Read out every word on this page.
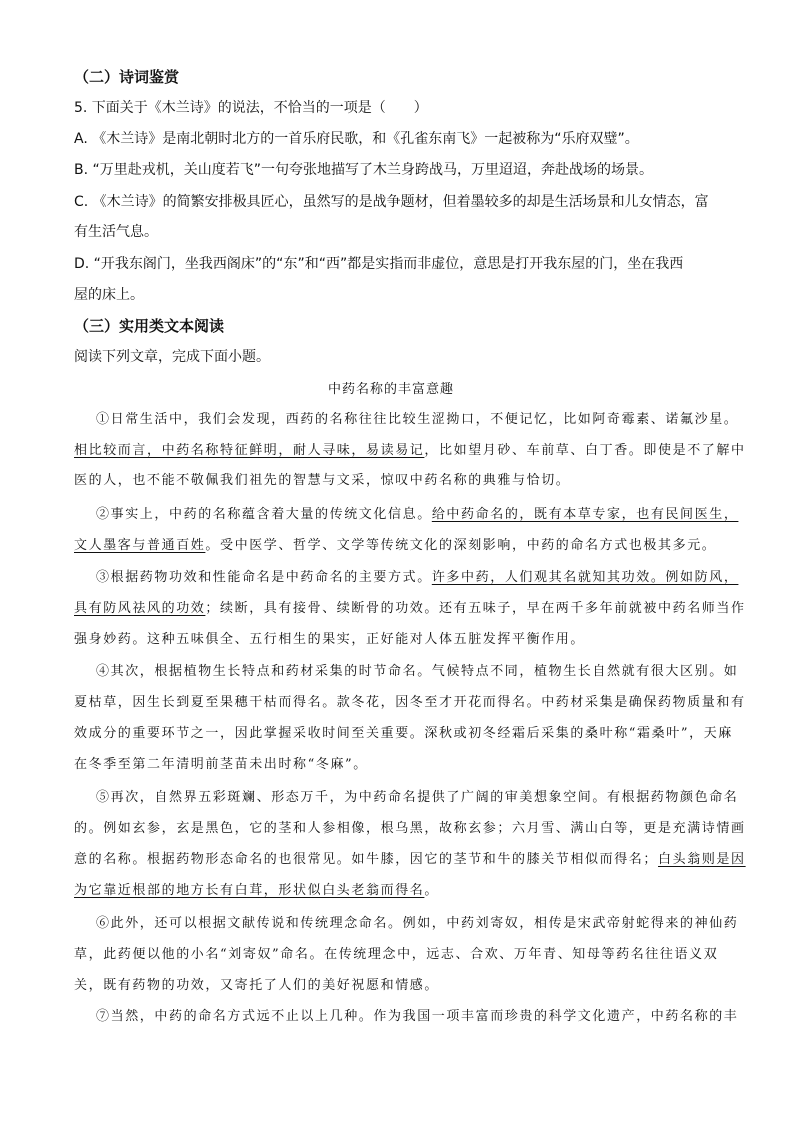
（二）诗词鉴赏
5. 下面关于《木兰诗》的说法，不恰当的一项是（　　）
A. 《木兰诗》是南北朝时北方的一首乐府民歌，和《孔雀东南飞》一起被称为“乐府双璧”。
B. “万里赴戎机，关山度若飞”一句夸张地描写了木兰身跨战马，万里迢迢，奔赴战场的场景。
C. 《木兰诗》的简繁安排极具匠心，虽然写的是战争题材，但着墨较多的却是生活场景和儿女情态，富
有生活气息。
D. “开我东阁门，坐我西阁床”的“东”和“西”都是实指而非虚位，意思是打开我东屋的门，坐在我西
屋的床上。
（三）实用类文本阅读
阅读下列文章，完成下面小题。
中药名称的丰富意趣
①日常生活中，我们会发现，西药的名称往往比较生涩拗口，不便记忆，比如阿奇霉素、诺氟沙星。
相比较而言，中药名称特征鲜明，耐人寻味，易读易记，比如望月砂、车前草、白丁香。即使是不了解中
医的人，也不能不敬佩我们祖先的智慧与文采，惊叹中药名称的典雅与恰切。
②事实上，中药的名称蕴含着大量的传统文化信息。给中药命名的，既有本草专家，也有民间医生，
文人墨客与普通百姓。受中医学、哲学、文学等传统文化的深刻影响，中药的命名方式也极其多元。
③根据药物功效和性能命名是中药命名的主要方式。许多中药，人们观其名就知其功效。例如防风，
具有防风祛风的功效；续断，具有接骨、续断骨的功效。还有五味子，早在两千多年前就被中药名师当作
强身妙药。这种五味俱全、五行相生的果实，正好能对人体五脏发挥平衡作用。
④其次，根据植物生长特点和药材采集的时节命名。气候特点不同，植物生长自然就有很大区别。如
夏枯草，因生长到夏至果穗干枯而得名。款冬花，因冬至才开花而得名。中药材采集是确保药物质量和有
效成分的重要环节之一，因此掌握采收时间至关重要。深秋或初冬经霜后采集的桑叶称“霜桑叶”，天麻
在冬季至第二年清明前茎苗未出时称“冬麻”。
⑤再次，自然界五彩斑斓、形态万千，为中药命名提供了广阔的审美想象空间。有根据药物颜色命名
的。例如玄参，玄是黑色，它的茎和人参相像，根乌黑，故称玄参；六月雪、满山白等，更是充满诗情画
意的名称。根据药物形态命名的也很常见。如牛膝，因它的茎节和牛的膝关节相似而得名；白头翁则是因
为它靠近根部的地方长有白茸，形状似白头老翁而得名。
⑥此外，还可以根据文献传说和传统理念命名。例如，中药刘寄奴，相传是宋武帝射蛇得来的神仙药
草，此药便以他的小名“刘寄奴”命名。在传统理念中，远志、合欢、万年青、知母等药名往往语义双
关，既有药物的功效，又寄托了人们的美好祝愿和情感。
⑦当然，中药的命名方式远不止以上几种。作为我国一项丰富而珍贵的科学文化遗产，中药名称的丰
